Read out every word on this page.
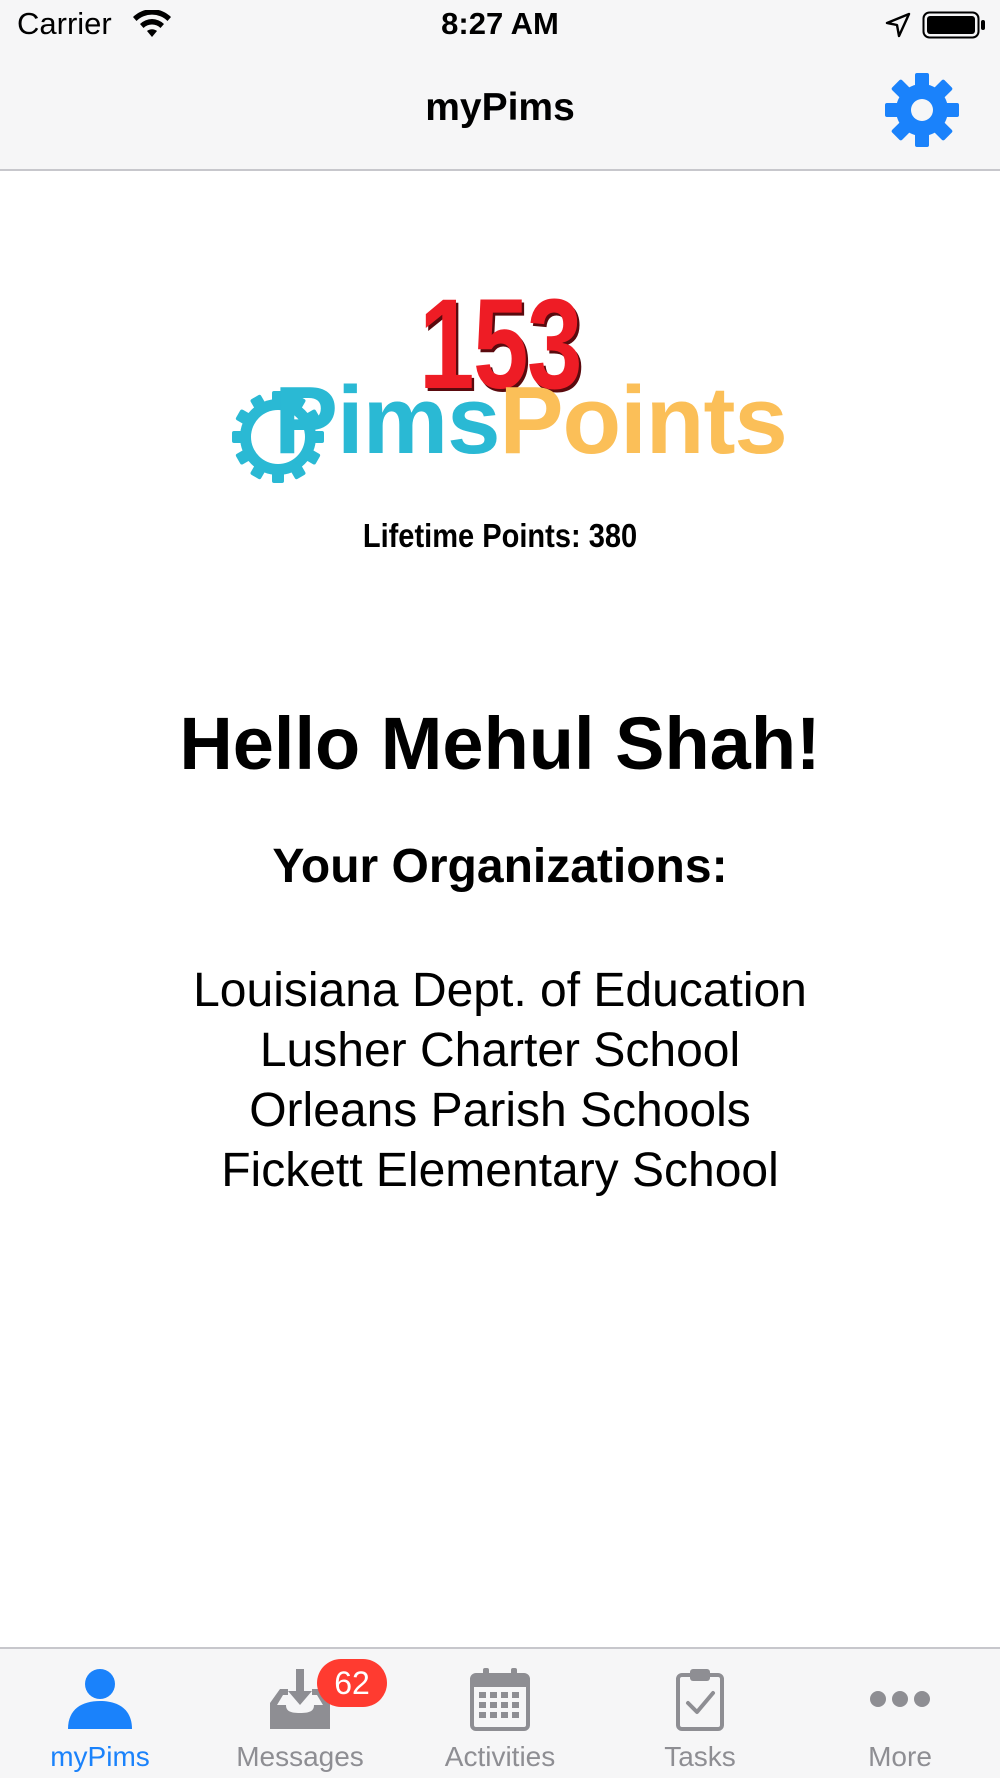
Carrier	8:27 AM
myPims
153
PimsPoints
Lifetime Points: 380
Hello Mehul Shah!
Your Organizations:
Louisiana Dept. of Education
Lusher Charter School
Orleans Parish Schools
Fickett Elementary School
myPims
62
Messages	Activities	Tasks	More
